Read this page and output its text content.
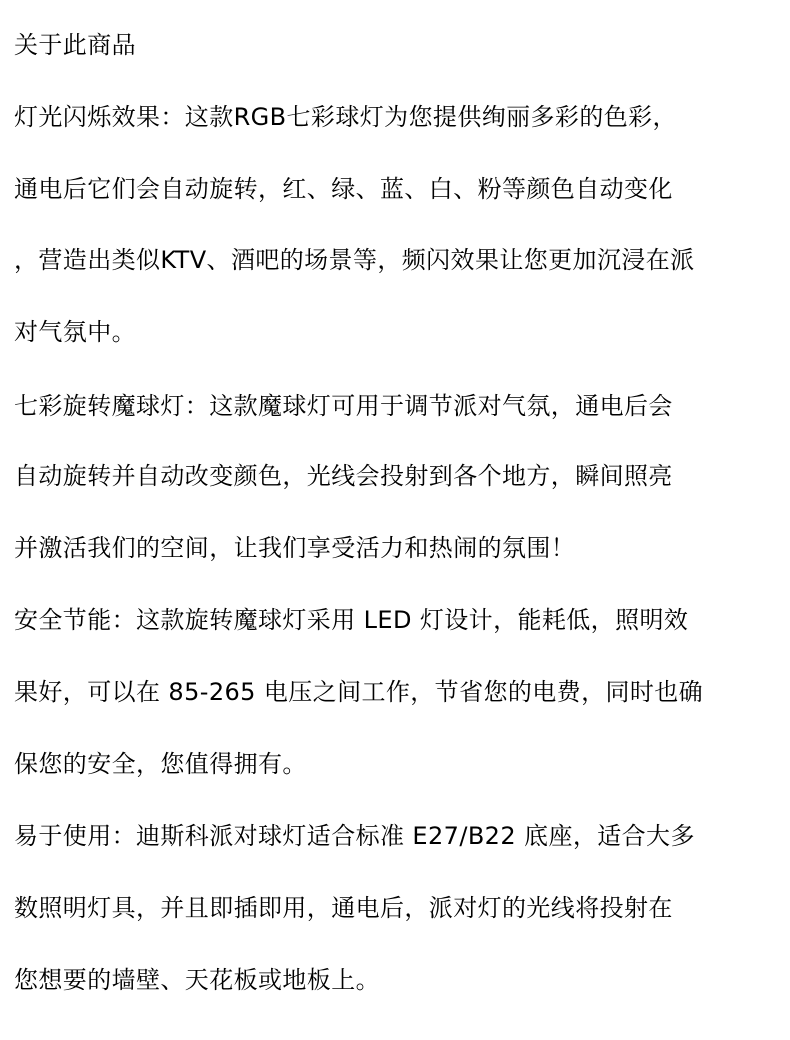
关于此商品
灯光闪烁效果：这款RGB七彩球灯为您提供绚丽多彩的色彩，
通电后它们会自动旋转，红、绿、蓝、白、粉等颜色自动变化
，营造出类似KTV、酒吧的场景等，频闪效果让您更加沉浸在派
对气氛中。
七彩旋转魔球灯：这款魔球灯可用于调节派对气氛，通电后会
自动旋转并自动改变颜色，光线会投射到各个地方，瞬间照亮
并激活我们的空间，让我们享受活力和热闹的氛围！
安全节能：这款旋转魔球灯采用 LED 灯设计，能耗低，照明效
果好，可以在 85-265 电压之间工作，节省您的电费，同时也确
保您的安全，您值得拥有。
易于使用：迪斯科派对球灯适合标准 E27/B22 底座，适合大多
数照明灯具，并且即插即用，通电后，派对灯的光线将投射在
您想要的墙壁、天花板或地板上。
